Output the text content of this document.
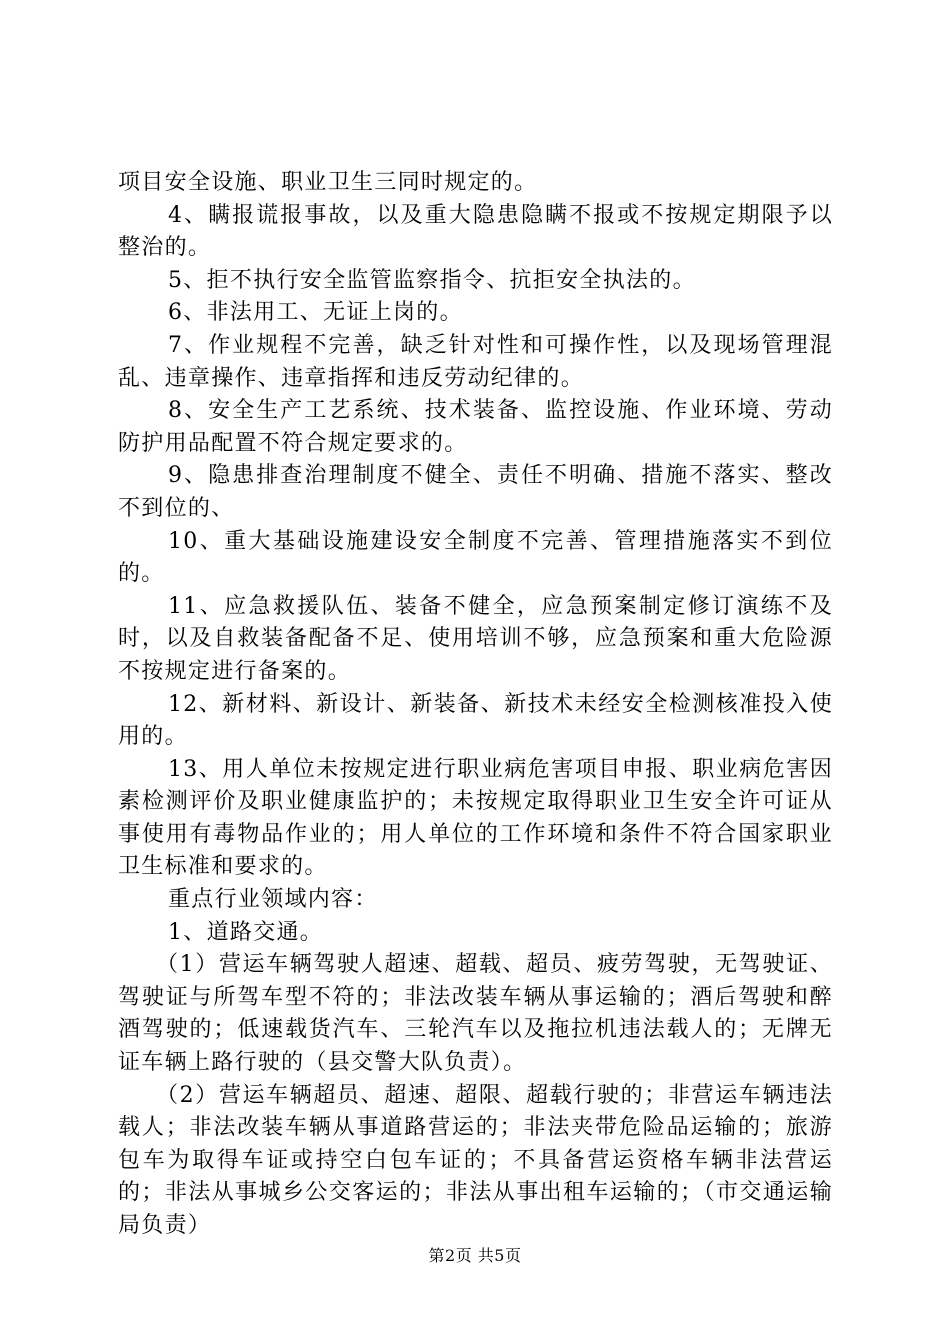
项目安全设施、职业卫生三同时规定的。

4、瞒报谎报事故，以及重大隐患隐瞒不报或不按规定期限予以整治的。

5、拒不执行安全监管监察指令、抗拒安全执法的。

6、非法用工、无证上岗的。

7、作业规程不完善，缺乏针对性和可操作性，以及现场管理混乱、违章操作、违章指挥和违反劳动纪律的。

8、安全生产工艺系统、技术装备、监控设施、作业环境、劳动防护用品配置不符合规定要求的。

9、隐患排查治理制度不健全、责任不明确、措施不落实、整改不到位的、

10、重大基础设施建设安全制度不完善、管理措施落实不到位的。

11、应急救援队伍、装备不健全，应急预案制定修订演练不及时，以及自救装备配备不足、使用培训不够，应急预案和重大危险源不按规定进行备案的。

12、新材料、新设计、新装备、新技术未经安全检测核准投入使用的。

13、用人单位未按规定进行职业病危害项目申报、职业病危害因素检测评价及职业健康监护的；未按规定取得职业卫生安全许可证从事使用有毒物品作业的；用人单位的工作环境和条件不符合国家职业卫生标准和要求的。

重点行业领域内容：

1、道路交通。

（1）营运车辆驾驶人超速、超载、超员、疲劳驾驶，无驾驶证、驾驶证与所驾车型不符的；非法改装车辆从事运输的；酒后驾驶和醉酒驾驶的；低速载货汽车、三轮汽车以及拖拉机违法载人的；无牌无证车辆上路行驶的（县交警大队负责）。

（2）营运车辆超员、超速、超限、超载行驶的；非营运车辆违法载人；非法改装车辆从事道路营运的；非法夹带危险品运输的；旅游包车为取得车证或持空白包车证的；不具备营运资格车辆非法营运的；非法从事城乡公交客运的；非法从事出租车运输的；（市交通运输局负责）

第2页 共5页
